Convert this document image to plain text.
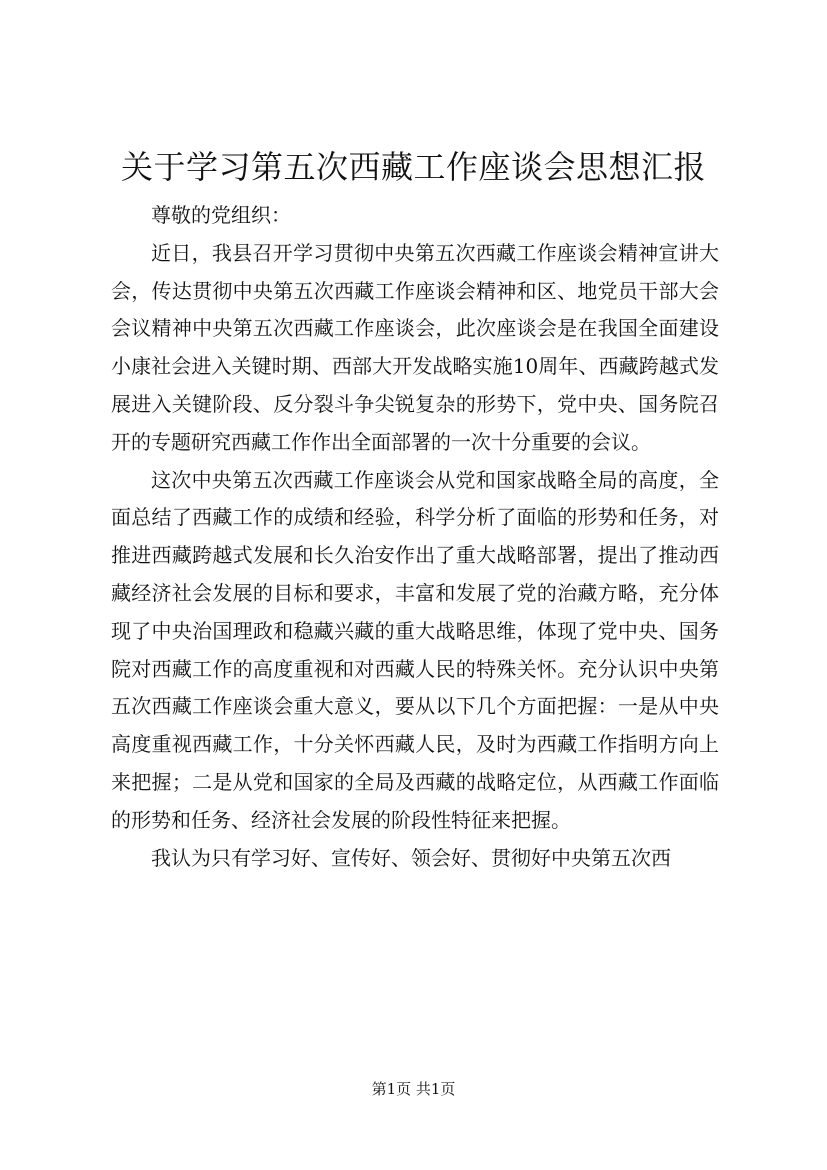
关于学习第五次西藏工作座谈会思想汇报

尊敬的党组织：

近日，我县召开学习贯彻中央第五次西藏工作座谈会精神宣讲大会，传达贯彻中央第五次西藏工作座谈会精神和区、地党员干部大会会议精神中央第五次西藏工作座谈会，此次座谈会是在我国全面建设小康社会进入关键时期、西部大开发战略实施10周年、西藏跨越式发展进入关键阶段、反分裂斗争尖锐复杂的形势下，党中央、国务院召开的专题研究西藏工作作出全面部署的一次十分重要的会议。

这次中央第五次西藏工作座谈会从党和国家战略全局的高度，全面总结了西藏工作的成绩和经验，科学分析了面临的形势和任务，对推进西藏跨越式发展和长久治安作出了重大战略部署，提出了推动西藏经济社会发展的目标和要求，丰富和发展了党的治藏方略，充分体现了中央治国理政和稳藏兴藏的重大战略思维，体现了党中央、国务院对西藏工作的高度重视和对西藏人民的特殊关怀。充分认识中央第五次西藏工作座谈会重大意义，要从以下几个方面把握：一是从中央高度重视西藏工作，十分关怀西藏人民，及时为西藏工作指明方向上来把握；二是从党和国家的全局及西藏的战略定位，从西藏工作面临的形势和任务、经济社会发展的阶段性特征来把握。

我认为只有学习好、宣传好、领会好、贯彻好中央第五次西

第1页 共1页
